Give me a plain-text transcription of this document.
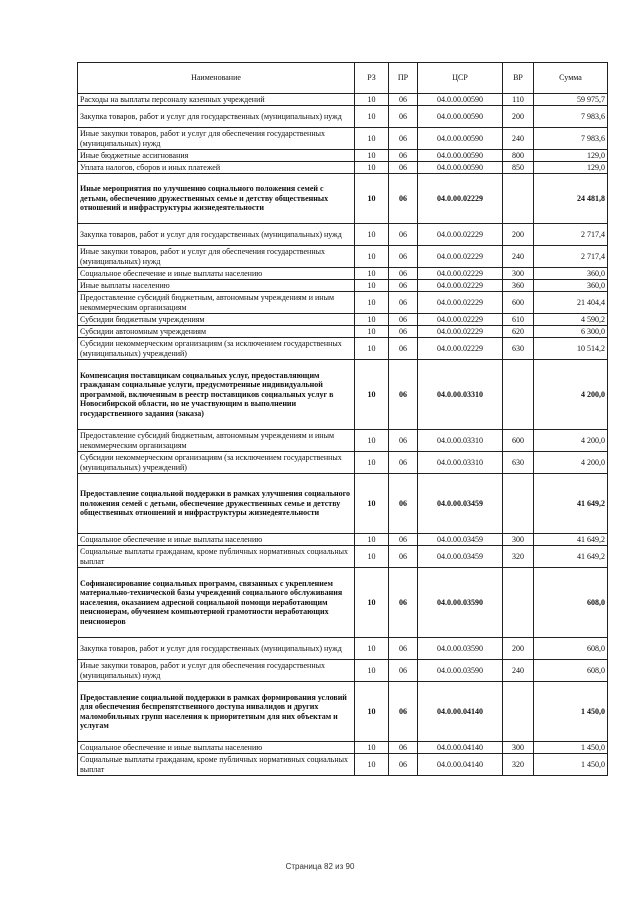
Наименование	РЗ	ПР	ЦСР	ВР	Сумма
Расходы на выплаты персоналу казенных учреждений	10	06	04.0.00.00590	110	59 975,7
Закупка товаров, работ и услуг для государственных (муниципальных) нужд	10	06	04.0.00.00590	200	7 983,6
Иные закупки товаров, работ и услуг для обеспечения государственных (муниципальных) нужд	10	06	04.0.00.00590	240	7 983,6
Иные бюджетные ассигнования	10	06	04.0.00.00590	800	129,0
Уплата налогов, сборов и иных платежей	10	06	04.0.00.00590	850	129,0
Иные мероприятия по улучшению социального положения семей с детьми, обеспечению дружественных семье и детству общественных отношений и инфраструктуры жизнедеятельности	10	06	04.0.00.02229		24 481,8
Закупка товаров, работ и услуг для государственных (муниципальных) нужд	10	06	04.0.00.02229	200	2 717,4
Иные закупки товаров, работ и услуг для обеспечения государственных (муниципальных) нужд	10	06	04.0.00.02229	240	2 717,4
Социальное обеспечение и иные выплаты населению	10	06	04.0.00.02229	300	360,0
Иные выплаты населению	10	06	04.0.00.02229	360	360,0
Предоставление субсидий бюджетным, автономным учреждениям и иным некоммерческим организациям	10	06	04.0.00.02229	600	21 404,4
Субсидии бюджетным учреждениям	10	06	04.0.00.02229	610	4 590,2
Субсидии автономным учреждениям	10	06	04.0.00.02229	620	6 300,0
Субсидии некоммерческим организациям (за исключением государственных (муниципальных) учреждений)	10	06	04.0.00.02229	630	10 514,2
Компенсация поставщикам социальных услуг, предоставляющим гражданам социальные услуги, предусмотренные индивидуальной программой, включенным в реестр поставщиков социальных услуг в Новосибирской области, но не участвующим в выполнении государственного задания (заказа)	10	06	04.0.00.03310		4 200,0
Предоставление субсидий бюджетным, автономным учреждениям и иным некоммерческим организациям	10	06	04.0.00.03310	600	4 200,0
Субсидии некоммерческим организациям (за исключением государственных (муниципальных) учреждений)	10	06	04.0.00.03310	630	4 200,0
Предоставление социальной поддержки в рамках улучшения социального положения семей с детьми, обеспечение дружественных семье и детству общественных отношений и инфраструктуры жизнедеятельности	10	06	04.0.00.03459		41 649,2
Социальное обеспечение и иные выплаты населению	10	06	04.0.00.03459	300	41 649,2
Социальные выплаты гражданам, кроме публичных нормативных социальных выплат	10	06	04.0.00.03459	320	41 649,2
Софинансирование социальных программ, связанных с укреплением материально-технической базы учреждений социального обслуживания населения, оказанием адресной социальной помощи неработающим пенсионерам, обучением компьютерной грамотности неработающих пенсионеров	10	06	04.0.00.03590		608,0
Закупка товаров, работ и услуг для государственных (муниципальных) нужд	10	06	04.0.00.03590	200	608,0
Иные закупки товаров, работ и услуг для обеспечения государственных (муниципальных) нужд	10	06	04.0.00.03590	240	608,0
Предоставление социальной поддержки в рамках формирования условий для обеспечения беспрепятственного доступа инвалидов и других маломобильных групп населения к приоритетным для них объектам и услугам	10	06	04.0.00.04140		1 450,0
Социальное обеспечение и иные выплаты населению	10	06	04.0.00.04140	300	1 450,0
Социальные выплаты гражданам, кроме публичных нормативных социальных выплат	10	06	04.0.00.04140	320	1 450,0
Страница 82 из 90
